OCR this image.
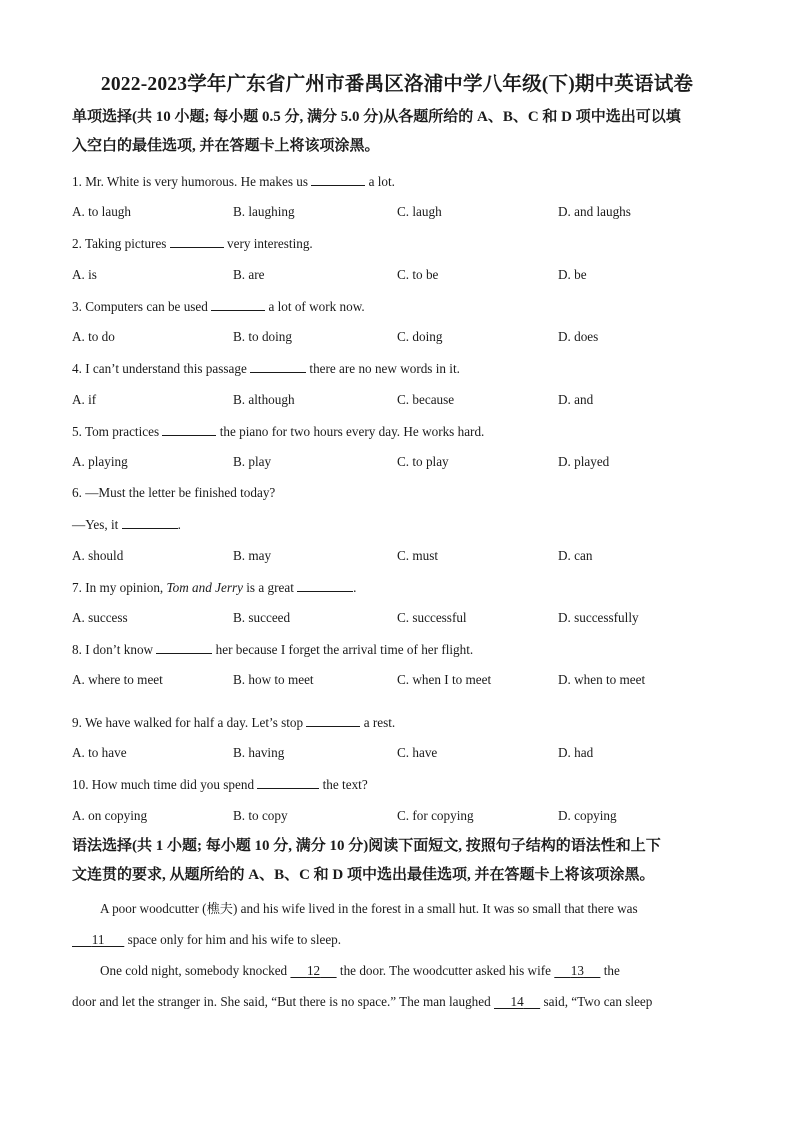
2022-2023学年广东省广州市番禺区洛浦中学八年级(下)期中英语试卷
单项选择(共 10 小题; 每小题 0.5 分, 满分 5.0 分)从各题所给的 A、B、C 和 D 项中选出可以填
入空白的最佳选项, 并在答题卡上将该项涂黑。
1. Mr. White is very humorous. He makes us	a lot.
A. to laugh	B. laughing	C. laugh	D. and laughs
2. Taking pictures	very interesting.
A. is	B. are	C. to be	D. be
3. Computers can be used	a lot of work now.
A. to do	B. to doing	C. doing	D. does
4. I can’t understand this passage	there are no new words in it.
A. if	B. although	C. because	D. and
5. Tom practices	the piano for two hours every day. He works hard.
A. playing	B. play	C. to play	D. played
6. —Must the letter be finished today?
—Yes, it	.
A. should	B. may	C. must	D. can
7. In my opinion, Tom and Jerry is a great	.
A. success	B. succeed	C. successful	D. successfully
8. I don’t know	her because I forget the arrival time of her flight.
A. where to meet	B. how to meet	C. when I to meet	D. when to meet
9. We have walked for half a day. Let’s stop	a rest.
A. to have	B. having	C. have	D. had
10. How much time did you spend	the text?
A. on copying	B. to copy	C. for copying	D. copying
语法选择(共 1 小题; 每小题 10 分, 满分 10 分)阅读下面短文, 按照句子结构的语法性和上下
文连贯的要求, 从题所给的 A、B、C 和 D 项中选出最佳选项, 并在答题卡上将该项涂黑。
A poor woodcutter (樵夫) and his wife lived in the forest in a small hut. It was so small that there was
11       space only for him and his wife to sleep.
One cold night, somebody knocked      12      the door. The woodcutter asked his wife      13      the
door and let the stranger in. She said, “But there is no space.” The man laughed      14      said, “Two can sleep
